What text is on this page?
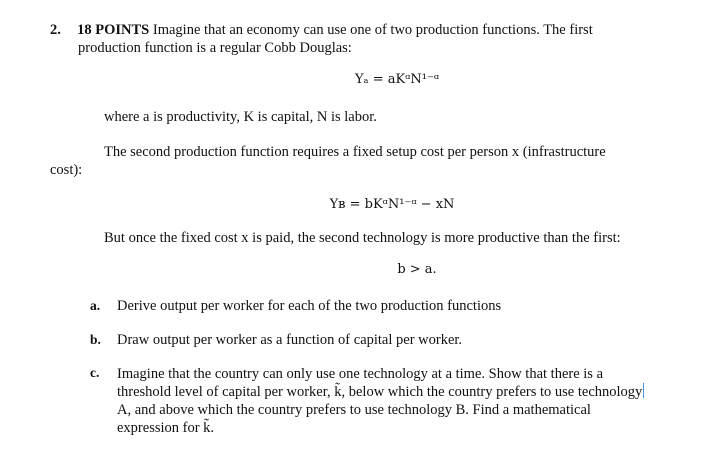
2. 18 POINTS Imagine that an economy can use one of two production functions. The first
production function is a regular Cobb Douglas:
Yₐ = aKᵅN¹⁻ᵅ
where a is productivity, K is capital, N is labor.
The second production function requires a fixed setup cost per person x (infrastructure
cost):
Yʙ = bKᵅN¹⁻ᵅ − xN
But once the fixed cost x is paid, the second technology is more productive than the first:
b > a.
a. Derive output per worker for each of the two production functions
b. Draw output per worker as a function of capital per worker.
c. Imagine that the country can only use one technology at a time. Show that there is a
threshold level of capital per worker, k̃, below which the country prefers to use technology
A, and above which the country prefers to use technology B. Find a mathematical
expression for k̃.
